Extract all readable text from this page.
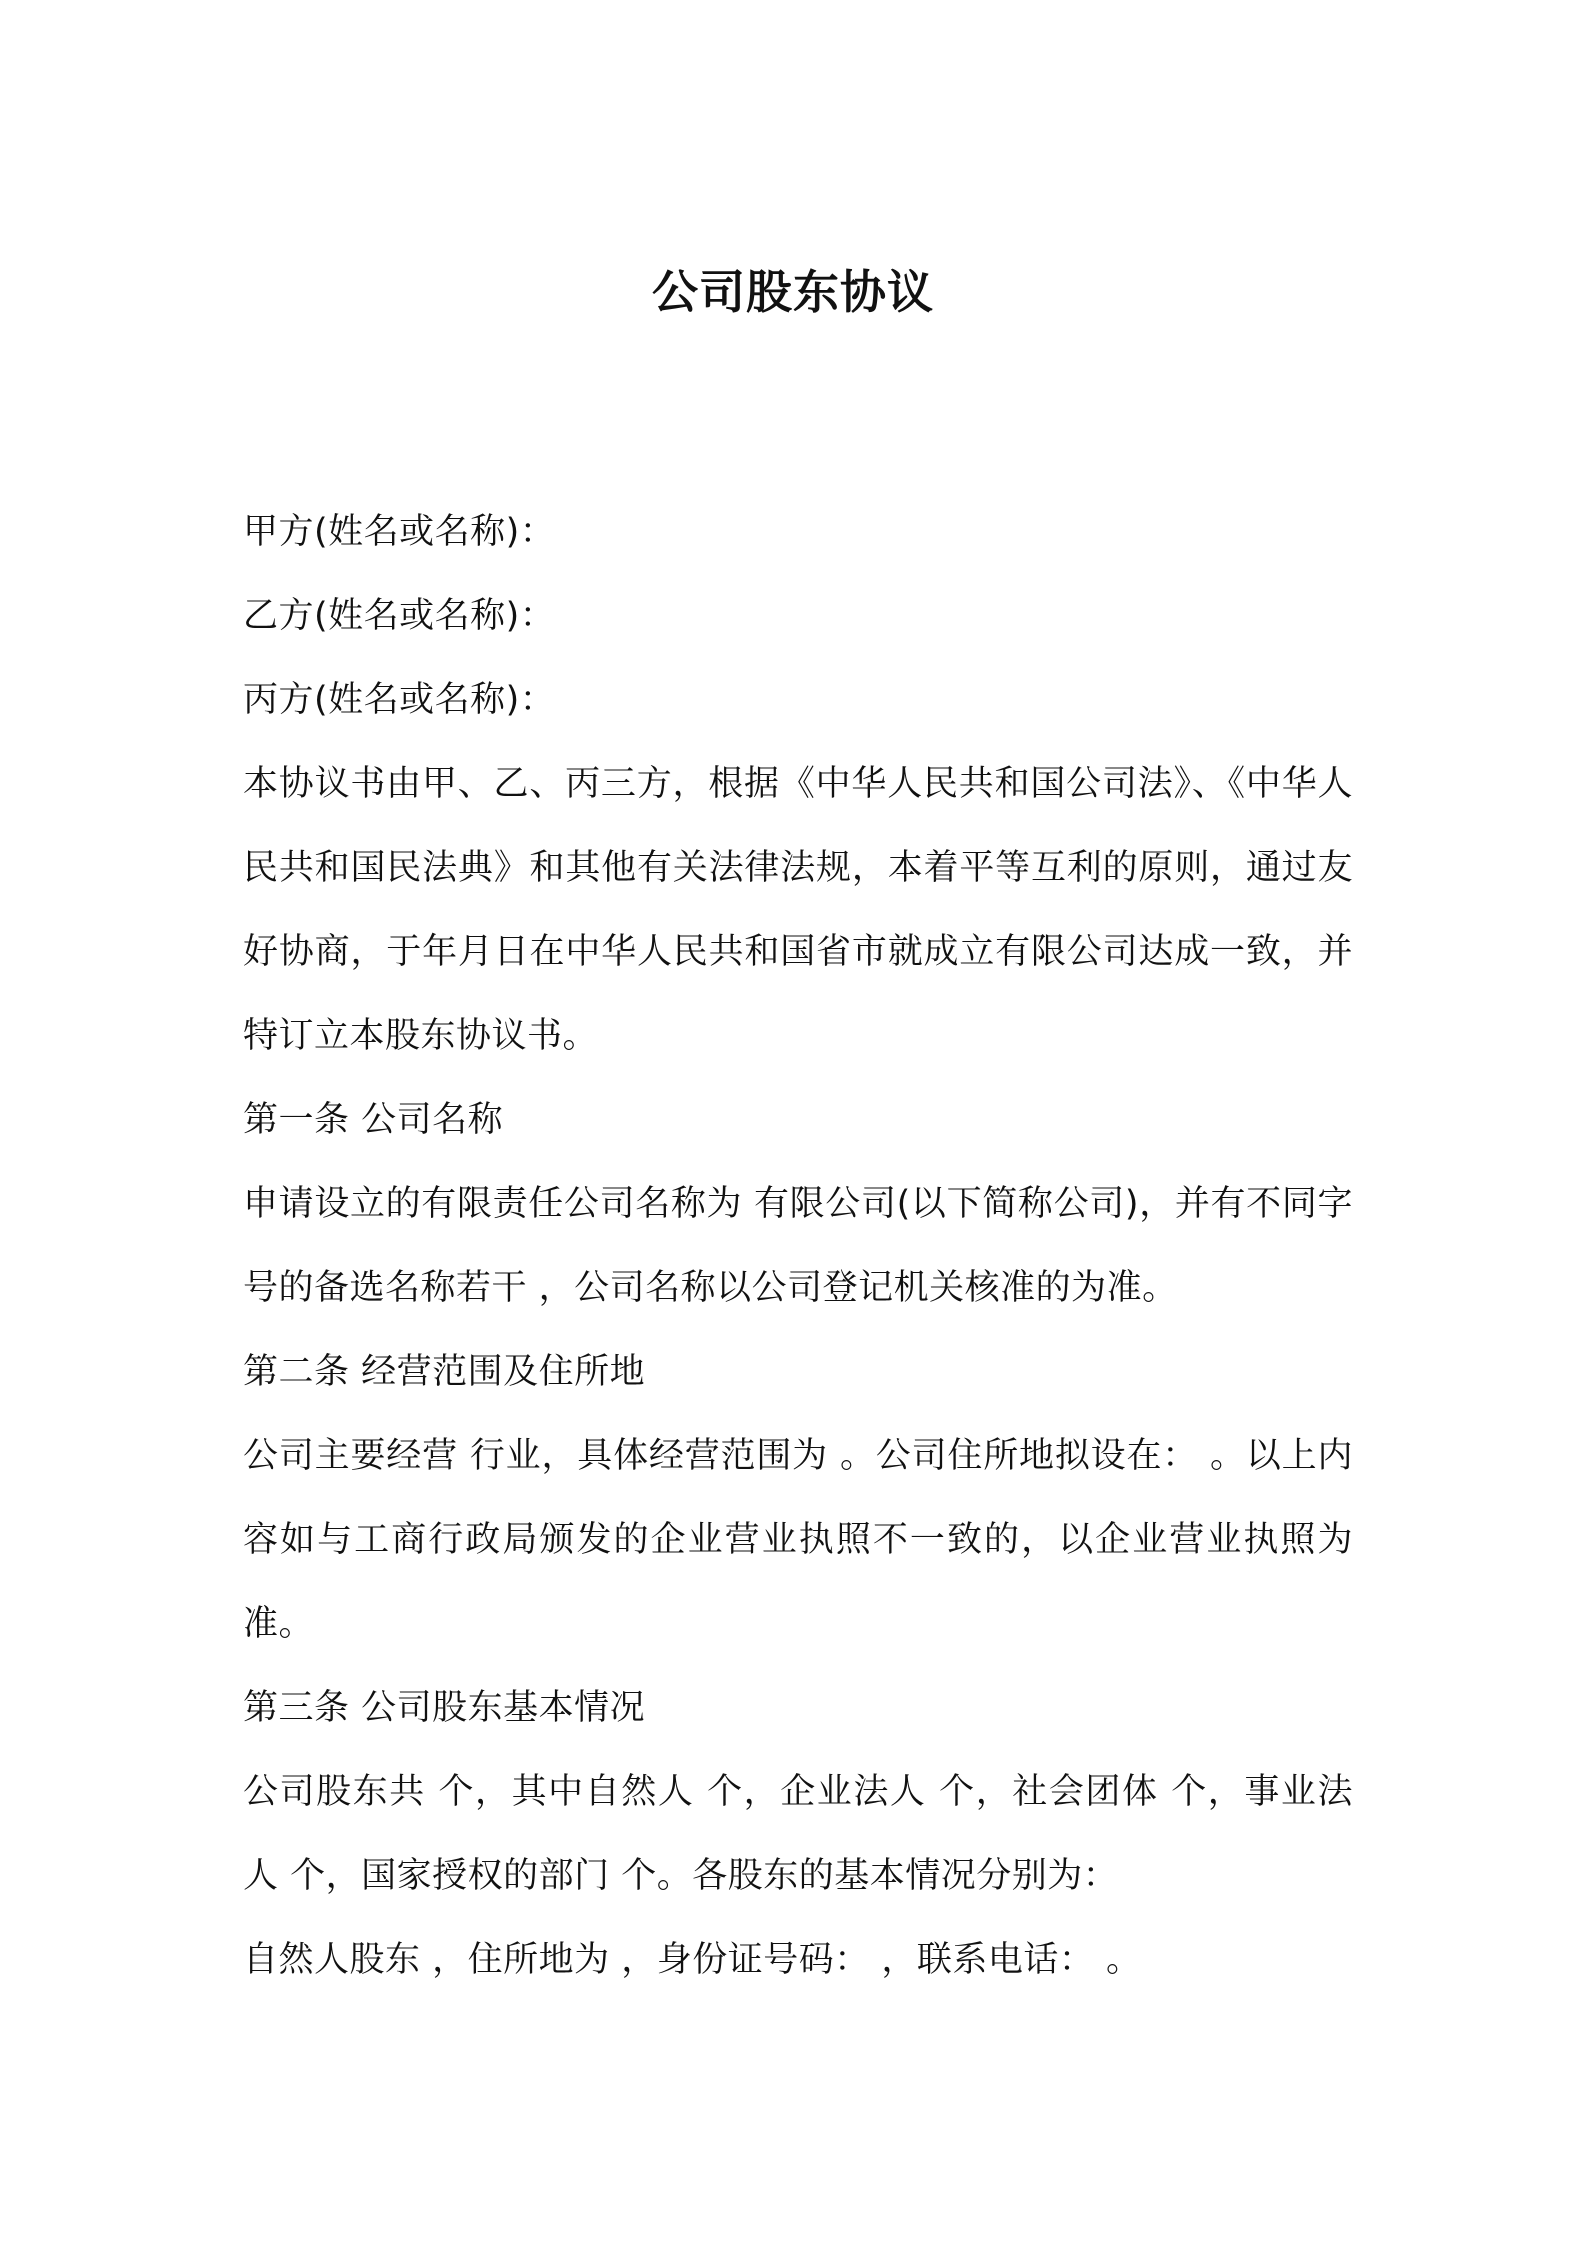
公司股东协议

甲方(姓名或名称)：

乙方(姓名或名称)：

丙方(姓名或名称)：

本协议书由甲、乙、丙三方，根据《中华人民共和国公司法》、《中华人民共和国民法典》和其他有关法律法规，本着平等互利的原则，通过友好协商，于年月日在中华人民共和国省市就成立有限公司达成一致，并特订立本股东协议书。

第一条 公司名称

申请设立的有限责任公司名称为 有限公司(以下简称公司)，并有不同字号的备选名称若干 ，公司名称以公司登记机关核准的为准。

第二条 经营范围及住所地

公司主要经营 行业，具体经营范围为 。公司住所地拟设在： 。以上内容如与工商行政局颁发的企业营业执照不一致的，以企业营业执照为准。

第三条 公司股东基本情况

公司股东共 个，其中自然人 个，企业法人 个，社会团体 个，事业法人 个，国家授权的部门 个。各股东的基本情况分别为：

自然人股东 ，住所地为 ，身份证号码： ，联系电话： 。
